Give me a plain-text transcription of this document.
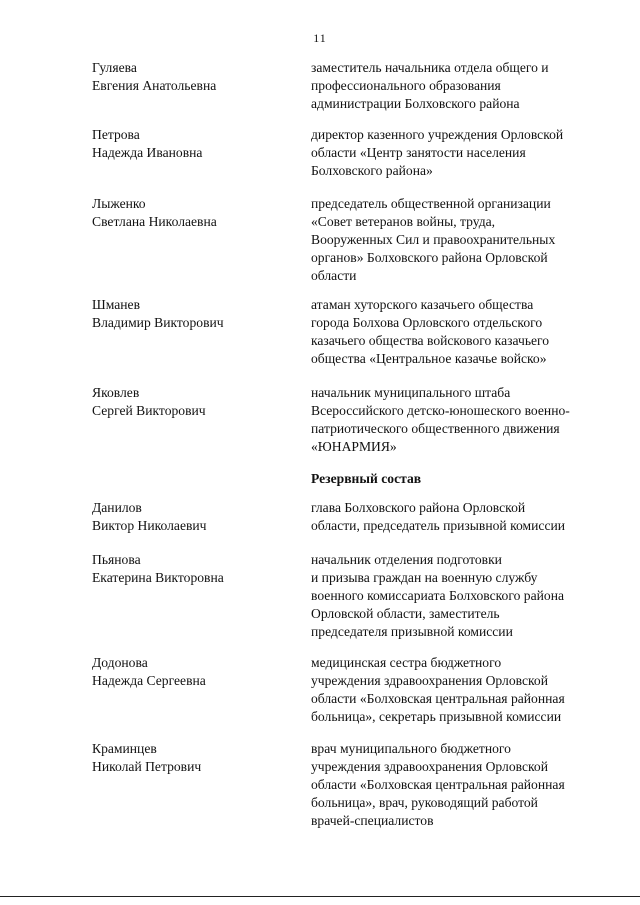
11
Гуляева
Евгения Анатольевна
заместитель начальника отдела общего и
профессионального образования
администрации Болховского района
Петрова
Надежда Ивановна
директор казенного учреждения Орловской
области «Центр занятости населения
Болховского района»
Лыженко
Светлана Николаевна
председатель общественной организации
«Совет ветеранов войны, труда,
Вооруженных Сил и правоохранительных
органов» Болховского района Орловской
области
Шманев
Владимир Викторович
атаман хуторского казачьего общества
города Болхова Орловского отдельского
казачьего общества войскового казачьего
общества «Центральное казачье войско»
Яковлев
Сергей Викторович
начальник муниципального штаба
Всероссийского детско-юношеского военно-
патриотического общественного движения
«ЮНАРМИЯ»
Резервный состав
Данилов
Виктор Николаевич
глава Болховского района Орловской
области, председатель призывной комиссии
Пьянова
Екатерина Викторовна
начальник отделения подготовки
и призыва граждан на военную службу
военного комиссариата Болховского района
Орловской области, заместитель
председателя призывной комиссии
Додонова
Надежда Сергеевна
медицинская сестра бюджетного
учреждения здравоохранения Орловской
области «Болховская центральная районная
больница», секретарь призывной комиссии
Краминцев
Николай Петрович
врач муниципального бюджетного
учреждения здравоохранения Орловской
области «Болховская центральная районная
больница», врач, руководящий работой
врачей-специалистов
